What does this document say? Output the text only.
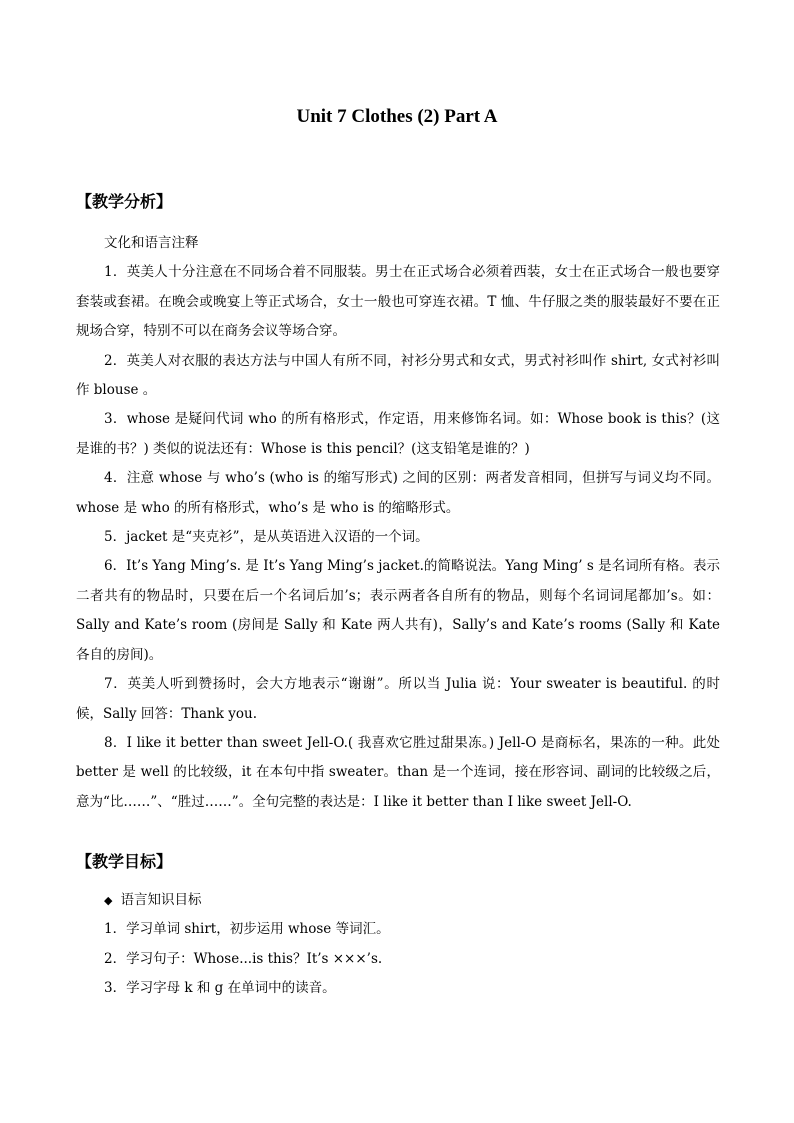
Unit 7 Clothes (2) Part A
【教学分析】

文化和语言注释

1．英美人十分注意在不同场合着不同服装。男士在正式场合必须着西装，女士在正式场合一般也要穿套装或套裙。在晚会或晚宴上等正式场合，女士一般也可穿连衣裙。T 恤、牛仔服之类的服装最好不要在正规场合穿，特别不可以在商务会议等场合穿。

2．英美人对衣服的表达方法与中国人有所不同，衬衫分男式和女式，男式衬衫叫作 shirt, 女式衬衫叫作 blouse 。

3．whose 是疑问代词 who 的所有格形式，作定语，用来修饰名词。如：Whose book is this？(这是谁的书？) 类似的说法还有：Whose is this pencil？(这支铅笔是谁的？)

4．注意 whose 与 who’s (who is 的缩写形式) 之间的区别：两者发音相同，但拼写与词义均不同。whose 是 who 的所有格形式，who’s 是 who is 的缩略形式。

5．jacket 是“夹克衫”，是从英语进入汉语的一个词。

6．It’s Yang Ming’s. 是 It’s Yang Ming’s jacket.的简略说法。Yang Ming’ s 是名词所有格。表示二者共有的物品时，只要在后一个名词后加’s；表示两者各自所有的物品，则每个名词词尾都加’s。如：Sally and Kate’s room (房间是 Sally 和 Kate 两人共有)，Sally’s and Kate’s rooms (Sally 和 Kate 各自的房间)。

7．英美人听到赞扬时，会大方地表示“谢谢”。所以当 Julia 说：Your sweater is beautiful. 的时候，Sally 回答：Thank you.

8．I like it better than sweet Jell-O.( 我喜欢它胜过甜果冻。) Jell-O 是商标名，果冻的一种。此处 better 是 well 的比较级，it 在本句中指 sweater。than 是一个连词，接在形容词、副词的比较级之后，意为“比……”、“胜过……”。全句完整的表达是：I like it better than I like sweet Jell-O.

【教学目标】

◆ 语言知识目标

1．学习单词 shirt，初步运用 whose 等词汇。

2．学习句子：Whose...is this？It’s ×××’s.

3．学习字母 k 和 g 在单词中的读音。
